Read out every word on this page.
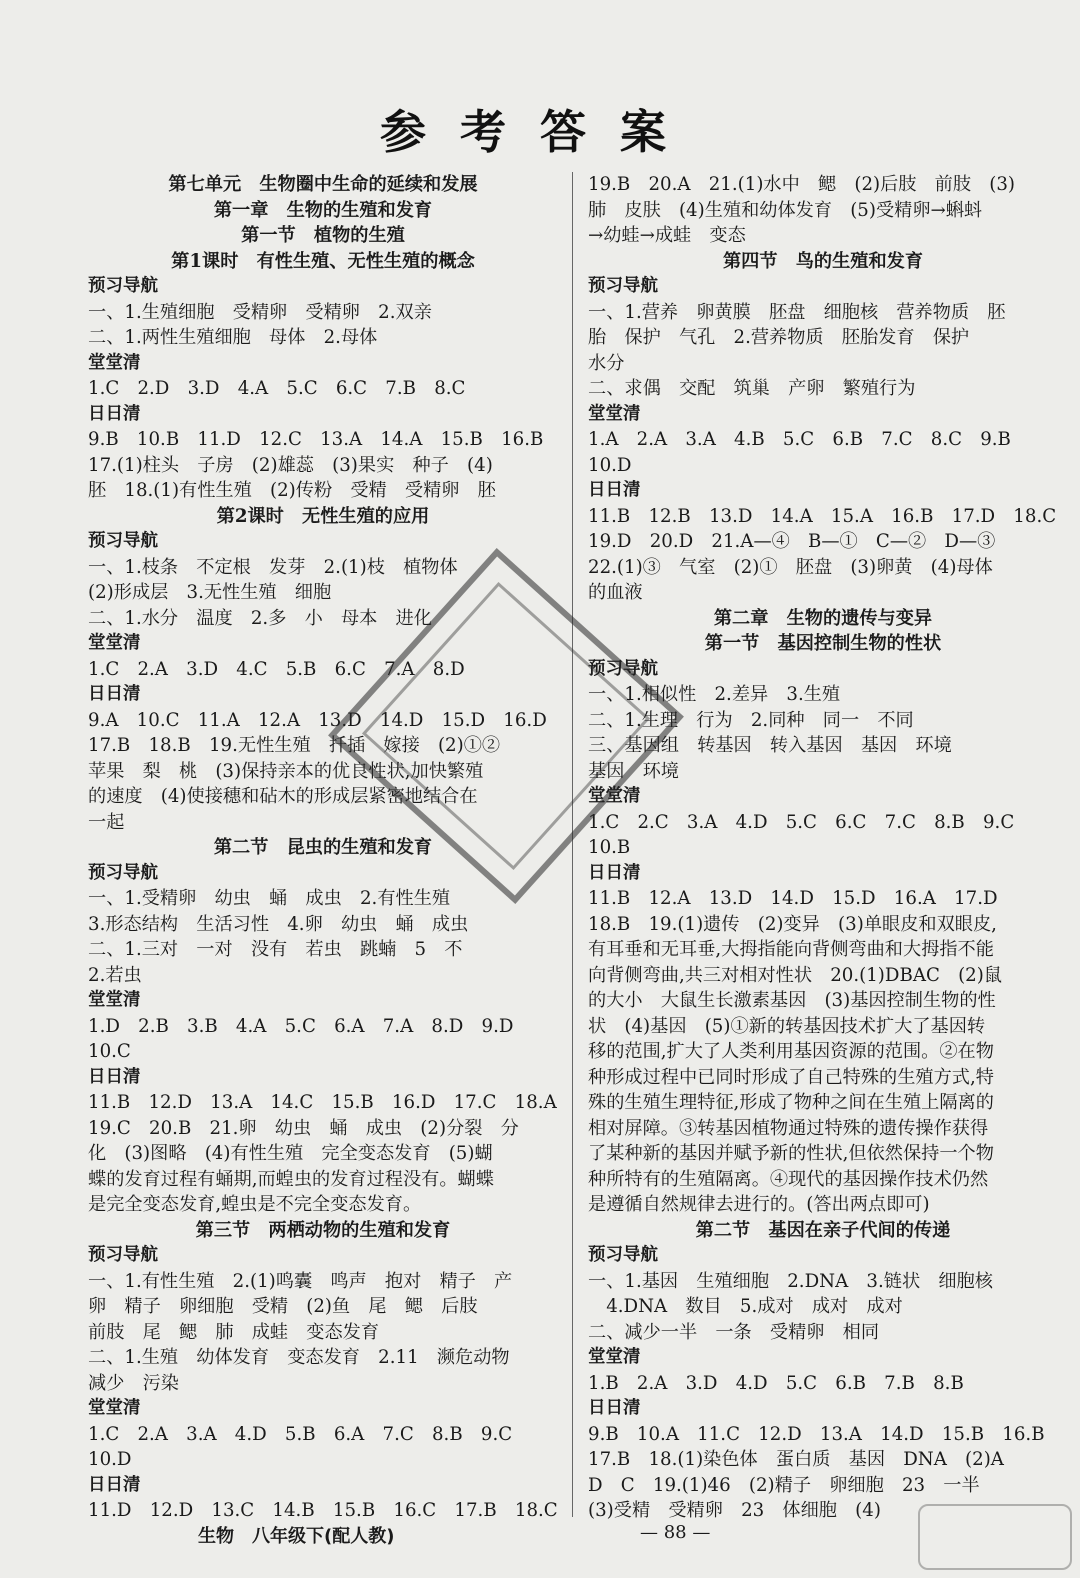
参考答案
第七单元　生物圈中生命的延续和发展
第一章　生物的生殖和发育
第一节　植物的生殖
第1课时　有性生殖、无性生殖的概念
预习导航
一、1.生殖细胞　受精卵　受精卵　2.双亲
二、1.两性生殖细胞　母体　2.母体
堂堂清
1.C　2.D　3.D　4.A　5.C　6.C　7.B　8.C
日日清
9.B　10.B　11.D　12.C　13.A　14.A　15.B　16.B
17.(1)柱头　子房　(2)雄蕊　(3)果实　种子　(4)
胚　18.(1)有性生殖　(2)传粉　受精　受精卵　胚
第2课时　无性生殖的应用
预习导航
一、1.枝条　不定根　发芽　2.(1)枝　植物体
(2)形成层　3.无性生殖　细胞
二、1.水分　温度　2.多　小　母本　进化
堂堂清
1.C　2.A　3.D　4.C　5.B　6.C　7.A　8.D
日日清
9.A　10.C　11.A　12.A　13.D　14.D　15.D　16.D
17.B　18.B　19.无性生殖　扦插　嫁接　(2)①②
苹果　梨　桃　(3)保持亲本的优良性状,加快繁殖
的速度　(4)使接穗和砧木的形成层紧密地结合在
一起
第二节　昆虫的生殖和发育
预习导航
一、1.受精卵　幼虫　蛹　成虫　2.有性生殖
3.形态结构　生活习性　4.卵　幼虫　蛹　成虫
二、1.三对　一对　没有　若虫　跳蝻　5　不
2.若虫
堂堂清
1.D　2.B　3.B　4.A　5.C　6.A　7.A　8.D　9.D
10.C
日日清
11.B　12.D　13.A　14.C　15.B　16.D　17.C　18.A
19.C　20.B　21.卵　幼虫　蛹　成虫　(2)分裂　分
化　(3)图略　(4)有性生殖　完全变态发育　(5)蝴
蝶的发育过程有蛹期,而蝗虫的发育过程没有。蝴蝶
是完全变态发育,蝗虫是不完全变态发育。
第三节　两栖动物的生殖和发育
预习导航
一、1.有性生殖　2.(1)鸣囊　鸣声　抱对　精子　产
卵　精子　卵细胞　受精　(2)鱼　尾　鳃　后肢
前肢　尾　鳃　肺　成蛙　变态发育
二、1.生殖　幼体发育　变态发育　2.11　濒危动物
减少　污染
堂堂清
1.C　2.A　3.A　4.D　5.B　6.A　7.C　8.B　9.C
10.D
日日清
11.D　12.D　13.C　14.B　15.B　16.C　17.B　18.C
19.B　20.A　21.(1)水中　鳃　(2)后肢　前肢　(3)
肺　皮肤　(4)生殖和幼体发育　(5)受精卵→蝌蚪
→幼蛙→成蛙　变态
第四节　鸟的生殖和发育
预习导航
一、1.营养　卵黄膜　胚盘　细胞核　营养物质　胚
胎　保护　气孔　2.营养物质　胚胎发育　保护
水分
二、求偶　交配　筑巢　产卵　繁殖行为
堂堂清
1.A　2.A　3.A　4.B　5.C　6.B　7.C　8.C　9.B
10.D
日日清
11.B　12.B　13.D　14.A　15.A　16.B　17.D　18.C
19.D　20.D　21.A—④　B—①　C—②　D—③
22.(1)③　气室　(2)①　胚盘　(3)卵黄　(4)母体
的血液
第二章　生物的遗传与变异
第一节　基因控制生物的性状
预习导航
一、1.相似性　2.差异　3.生殖
二、1.生理　行为　2.同种　同一　不同
三、基因组　转基因　转入基因　基因　环境
基因　环境
堂堂清
1.C　2.C　3.A　4.D　5.C　6.C　7.C　8.B　9.C
10.B
日日清
11.B　12.A　13.D　14.D　15.D　16.A　17.D
18.B　19.(1)遗传　(2)变异　(3)单眼皮和双眼皮,
有耳垂和无耳垂,大拇指能向背侧弯曲和大拇指不能
向背侧弯曲,共三对相对性状　20.(1)DBAC　(2)鼠
的大小　大鼠生长激素基因　(3)基因控制生物的性
状　(4)基因　(5)①新的转基因技术扩大了基因转
移的范围,扩大了人类利用基因资源的范围。②在物
种形成过程中已同时形成了自己特殊的生殖方式,特
殊的生殖生理特征,形成了物种之间在生殖上隔离的
相对屏障。③转基因植物通过特殊的遗传操作获得
了某种新的基因并赋予新的性状,但依然保持一个物
种所特有的生殖隔离。④现代的基因操作技术仍然
是遵循自然规律去进行的。(答出两点即可)
第二节　基因在亲子代间的传递
预习导航
一、1.基因　生殖细胞　2.DNA　3.链状　细胞核
　4.DNA　数目　5.成对　成对　成对
二、减少一半　一条　受精卵　相同
堂堂清
1.B　2.A　3.D　4.D　5.C　6.B　7.B　8.B
日日清
9.B　10.A　11.C　12.D　13.A　14.D　15.B　16.B
17.B　18.(1)染色体　蛋白质　基因　DNA　(2)A
D　C　19.(1)46　(2)精子　卵细胞　23　一半
(3)受精　受精卵　23　体细胞　(4)
生物　八年级下(配人教)	— 88 —
